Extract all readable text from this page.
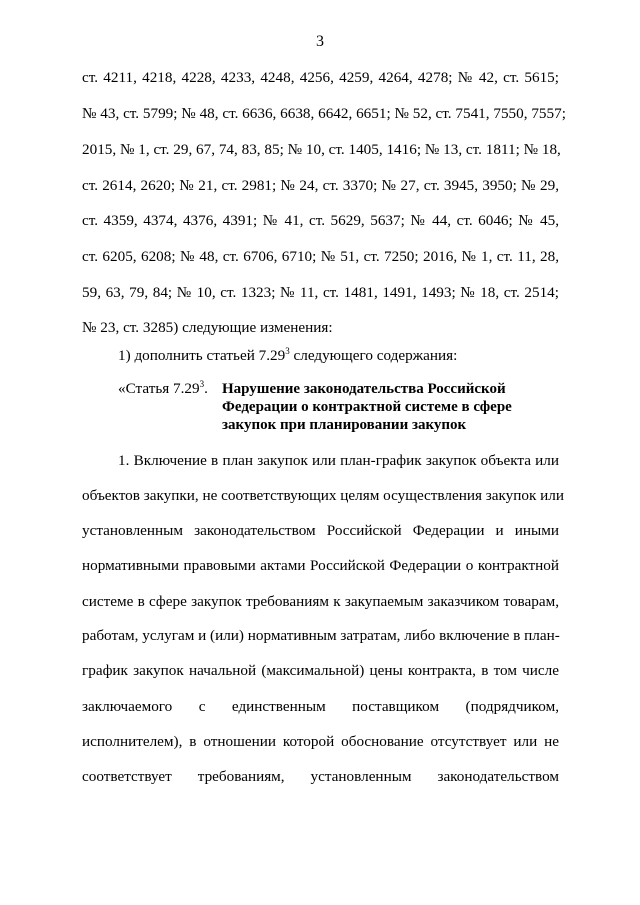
3
ст. 4211, 4218, 4228, 4233, 4248, 4256, 4259, 4264, 4278; № 42, ст. 5615;
№ 43, ст. 5799; № 48, ст. 6636, 6638, 6642, 6651; № 52, ст. 7541, 7550, 7557;
2015, № 1, ст. 29, 67, 74, 83, 85; № 10, ст. 1405, 1416; № 13, ст. 1811; № 18,
ст. 2614, 2620; № 21, ст. 2981; № 24, ст. 3370; № 27, ст. 3945, 3950; № 29,
ст. 4359, 4374, 4376, 4391; № 41, ст. 5629, 5637; № 44, ст. 6046; № 45,
ст. 6205, 6208; № 48, ст. 6706, 6710; № 51, ст. 7250; 2016, № 1, ст. 11, 28,
59, 63, 79, 84; № 10, ст. 1323; № 11, ст. 1481, 1491, 1493; № 18, ст. 2514;
№ 23, ст. 3285) следующие изменения:
1) дополнить статьей 7.29$^3$ следующего содержания:
«Статья 7.29$^3$. Нарушение законодательства Российской
Федерации о контрактной системе в сфере
закупок при планировании закупок
1. Включение в план закупок или план-график закупок объекта или
объектов закупки, не соответствующих целям осуществления закупок или
установленным законодательством Российской Федерации и иными
нормативными правовыми актами Российской Федерации о контрактной
системе в сфере закупок требованиям к закупаемым заказчиком товарам,
работам, услугам и (или) нормативным затратам, либо включение в план-
график закупок начальной (максимальной) цены контракта, в том числе
заключаемого с единственным поставщиком (подрядчиком,
исполнителем), в отношении которой обоснование отсутствует или не
соответствует требованиям, установленным законодательством
